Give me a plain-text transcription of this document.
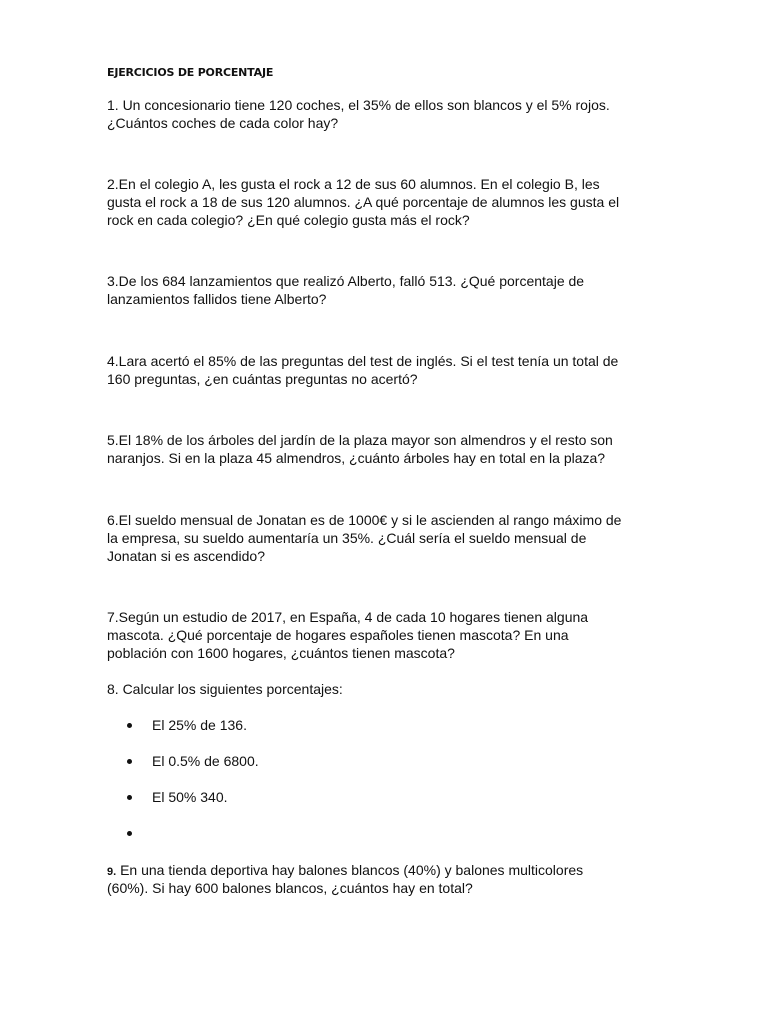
EJERCICIOS DE PORCENTAJE
1. Un concesionario tiene 120 coches, el 35% de ellos son blancos y el 5% rojos.
¿Cuántos coches de cada color hay?
2.En el colegio A, les gusta el rock a 12 de sus 60 alumnos. En el colegio B, les
gusta el rock a 18 de sus 120 alumnos. ¿A qué porcentaje de alumnos les gusta el
rock en cada colegio? ¿En qué colegio gusta más el rock?
3.De los 684 lanzamientos que realizó Alberto, falló 513. ¿Qué porcentaje de
lanzamientos fallidos tiene Alberto?
4.Lara acertó el 85% de las preguntas del test de inglés. Si el test tenía un total de
160 preguntas, ¿en cuántas preguntas no acertó?
5.El 18% de los árboles del jardín de la plaza mayor son almendros y el resto son
naranjos. Si en la plaza 45 almendros, ¿cuánto árboles hay en total en la plaza?
6.El sueldo mensual de Jonatan es de 1000€ y si le ascienden al rango máximo de
la empresa, su sueldo aumentaría un 35%. ¿Cuál sería el sueldo mensual de
Jonatan si es ascendido?
7.Según un estudio de 2017, en España, 4 de cada 10 hogares tienen alguna
mascota. ¿Qué porcentaje de hogares españoles tienen mascota? En una
población con 1600 hogares, ¿cuántos tienen mascota?
8. Calcular los siguientes porcentajes:
El 25% de 136.
El 0.5% de 6800.
El 50% 340.
9. En una tienda deportiva hay balones blancos (40%) y balones multicolores
(60%). Si hay 600 balones blancos, ¿cuántos hay en total?
